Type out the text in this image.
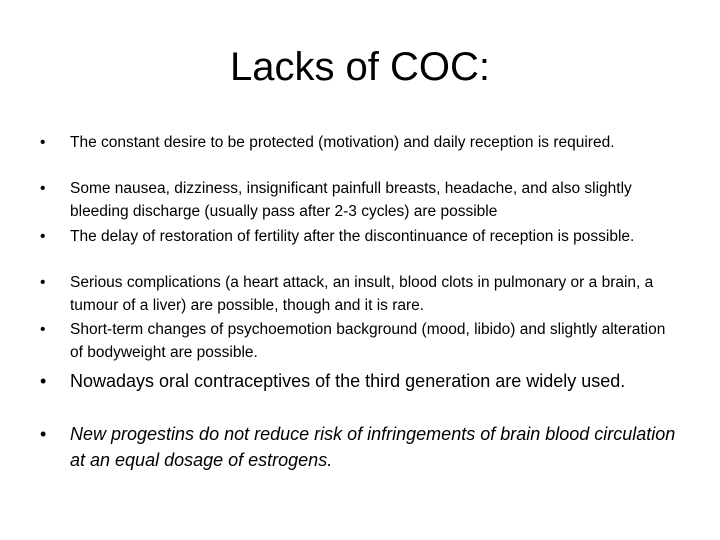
Lacks of COC:
• The constant desire to be protected (motivation) and daily reception is required.
• Some nausea, dizziness, insignificant painfull breasts, headache, and also slightly bleeding discharge (usually pass after 2-3 cycles) are possible
• The delay of restoration of fertility after the discontinuance of reception is possible.
• Serious complications (a heart attack, an insult, blood clots in pulmonary or a brain, a tumour of a liver) are possible, though and it is rare.
• Short-term changes of psychoemotion background (mood, libido) and slightly alteration of bodyweight are possible.
• Nowadays oral contraceptives of the third generation are widely used.
• New progestins do not reduce risk of infringements of brain blood circulation at an equal dosage of estrogens.
